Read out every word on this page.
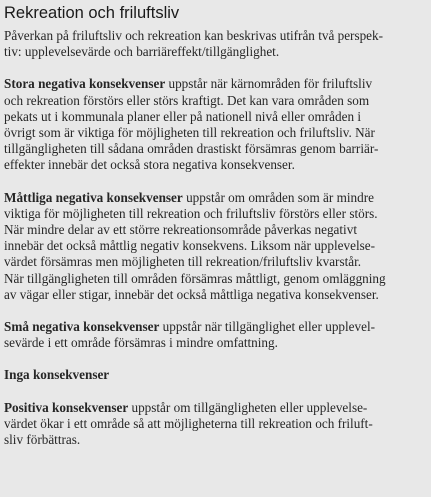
Rekreation och friluftsliv

Påverkan på friluftsliv och rekreation kan beskrivas utifrån två perspek-
tiv: upplevelsevärde och barriäreffekt/tillgänglighet.

Stora negativa konsekvenser uppstår när kärnområden för friluftsliv
och rekreation förstörs eller störs kraftigt. Det kan vara områden som
pekats ut i kommunala planer eller på nationell nivå eller områden i
övrigt som är viktiga för möjligheten till rekreation och friluftsliv. När
tillgängligheten till sådana områden drastiskt försämras genom barriär-
effekter innebär det också stora negativa konsekvenser.

Måttliga negativa konsekvenser uppstår om områden som är mindre
viktiga för möjligheten till rekreation och friluftsliv förstörs eller störs.
När mindre delar av ett större rekreationsområde påverkas negativt
innebär det också måttlig negativ konsekvens. Liksom när upplevelse-
värdet försämras men möjligheten till rekreation/friluftsliv kvarstår.
När tillgängligheten till områden försämras måttligt, genom omläggning
av vägar eller stigar, innebär det också måttliga negativa konsekvenser.

Små negativa konsekvenser uppstår när tillgänglighet eller upplevel-
sevärde i ett område försämras i mindre omfattning.

Inga konsekvenser

Positiva konsekvenser uppstår om tillgängligheten eller upplevelse-
värdet ökar i ett område så att möjligheterna till rekreation och friluft-
sliv förbättras.
